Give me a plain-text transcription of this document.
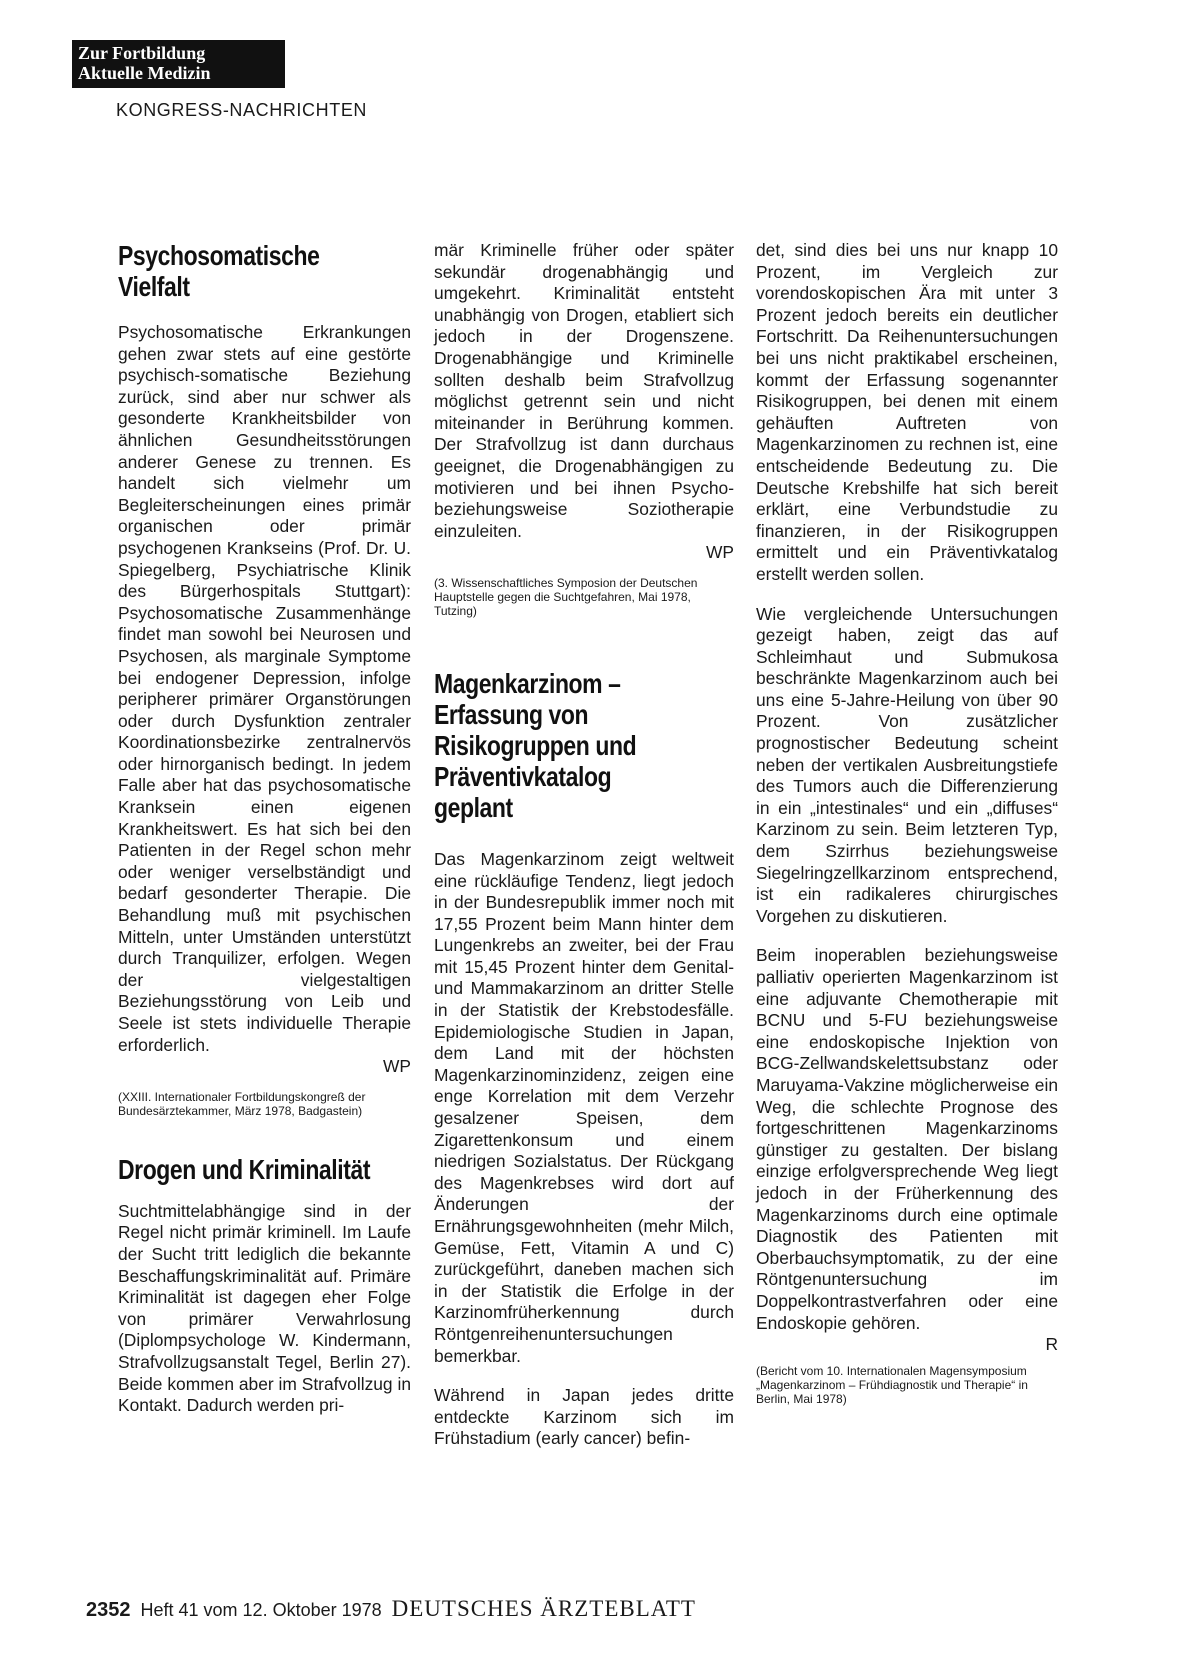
Zur Fortbildung
Aktuelle Medizin
KONGRESS-NACHRICHTEN
Psychosomatische Vielfalt

Psychosomatische Erkrankungen gehen zwar stets auf eine gestörte psychisch-somatische Beziehung zurück, sind aber nur schwer als gesonderte Krankheitsbilder von ähnlichen Gesundheitsstörungen anderer Genese zu trennen. Es handelt sich vielmehr um Begleiterscheinungen eines primär organischen oder primär psychogenen Krankseins (Prof. Dr. U. Spiegelberg, Psychiatrische Klinik des Bürgerhospitals Stuttgart): Psychosomatische Zusammenhänge findet man sowohl bei Neurosen und Psychosen, als marginale Symptome bei endogener Depression, infolge peripherer primärer Organstörungen oder durch Dysfunktion zentraler Koordinationsbezirke zentralnervös oder hirnorganisch bedingt. In jedem Falle aber hat das psychosomatische Kranksein einen eigenen Krankheitswert. Es hat sich bei den Patienten in der Regel schon mehr oder weniger verselbständigt und bedarf gesonderter Therapie. Die Behandlung muß mit psychischen Mitteln, unter Umständen unterstützt durch Tranquilizer, erfolgen. Wegen der vielgestaltigen Beziehungsstörung von Leib und Seele ist stets individuelle Therapie erforderlich.

WP

(XXIII. Internationaler Fortbildungskongreß der Bundesärztekammer, März 1978, Badgastein)

Drogen und Kriminalität

Suchtmittelabhängige sind in der Regel nicht primär kriminell. Im Laufe der Sucht tritt lediglich die bekannte Beschaffungskriminalität auf. Primäre Kriminalität ist dagegen eher Folge von primärer Verwahrlosung (Diplompsychologe W. Kindermann, Strafvollzugsanstalt Tegel, Berlin 27). Beide kommen aber im Strafvollzug in Kontakt. Dadurch werden pri-

mär Kriminelle früher oder später sekundär drogenabhängig und umgekehrt. Kriminalität entsteht unabhängig von Drogen, etabliert sich jedoch in der Drogenszene. Drogenabhängige und Kriminelle sollten deshalb beim Strafvollzug möglichst getrennt sein und nicht miteinander in Berührung kommen. Der Strafvollzug ist dann durchaus geeignet, die Drogenabhängigen zu motivieren und bei ihnen Psycho- beziehungsweise Soziotherapie einzuleiten.

WP

(3. Wissenschaftliches Symposion der Deutschen Hauptstelle gegen die Suchtgefahren, Mai 1978, Tutzing)

Magenkarzinom – Erfassung von Risikogruppen und Präventivkatalog geplant

Das Magenkarzinom zeigt weltweit eine rückläufige Tendenz, liegt jedoch in der Bundesrepublik immer noch mit 17,55 Prozent beim Mann hinter dem Lungenkrebs an zweiter, bei der Frau mit 15,45 Prozent hinter dem Genital- und Mammakarzinom an dritter Stelle in der Statistik der Krebstodesfälle. Epidemiologische Studien in Japan, dem Land mit der höchsten Magenkarzinominzidenz, zeigen eine enge Korrelation mit dem Verzehr gesalzener Speisen, dem Zigarettenkonsum und einem niedrigen Sozialstatus. Der Rückgang des Magenkrebses wird dort auf Änderungen der Ernährungsgewohnheiten (mehr Milch, Gemüse, Fett, Vitamin A und C) zurückgeführt, daneben machen sich in der Statistik die Erfolge in der Karzinomfrüherkennung durch Röntgenreihenuntersuchungen bemerkbar.

Während in Japan jedes dritte entdeckte Karzinom sich im Frühstadium (early cancer) befin-

det, sind dies bei uns nur knapp 10 Prozent, im Vergleich zur vorendoskopischen Ära mit unter 3 Prozent jedoch bereits ein deutlicher Fortschritt. Da Reihenuntersuchungen bei uns nicht praktikabel erscheinen, kommt der Erfassung sogenannter Risikogruppen, bei denen mit einem gehäuften Auftreten von Magenkarzinomen zu rechnen ist, eine entscheidende Bedeutung zu. Die Deutsche Krebshilfe hat sich bereit erklärt, eine Verbundstudie zu finanzieren, in der Risikogruppen ermittelt und ein Präventivkatalog erstellt werden sollen.

Wie vergleichende Untersuchungen gezeigt haben, zeigt das auf Schleimhaut und Submukosa beschränkte Magenkarzinom auch bei uns eine 5-Jahre-Heilung von über 90 Prozent. Von zusätzlicher prognostischer Bedeutung scheint neben der vertikalen Ausbreitungstiefe des Tumors auch die Differenzierung in ein „intestinales“ und ein „diffuses“ Karzinom zu sein. Beim letzteren Typ, dem Szirrhus beziehungsweise Siegelringzellkarzinom entsprechend, ist ein radikaleres chirurgisches Vorgehen zu diskutieren.

Beim inoperablen beziehungsweise palliativ operierten Magenkarzinom ist eine adjuvante Chemotherapie mit BCNU und 5-FU beziehungsweise eine endoskopische Injektion von BCG-Zellwandskelettsubstanz oder Maruyama-Vakzine möglicherweise ein Weg, die schlechte Prognose des fortgeschrittenen Magenkarzinoms günstiger zu gestalten. Der bislang einzige erfolgversprechende Weg liegt jedoch in der Früherkennung des Magenkarzinoms durch eine optimale Diagnostik des Patienten mit Oberbauchsymptomatik, zu der eine Röntgenuntersuchung im Doppelkontrastverfahren oder eine Endoskopie gehören.

R

(Bericht vom 10. Internationalen Magensymposium „Magenkarzinom – Frühdiagnostik und Therapie“ in Berlin, Mai 1978)

2352 Heft 41 vom 12. Oktober 1978 DEUTSCHES ÄRZTEBLATT
